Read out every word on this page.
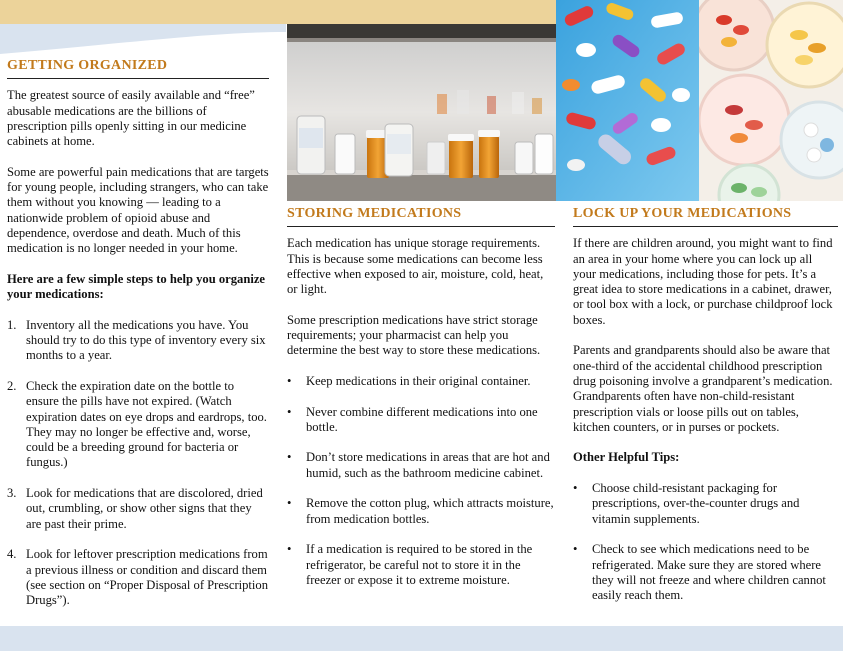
GETTING ORGANIZED

The greatest source of easily available and “free” abusable medications are the billions of prescription pills openly sitting in our medicine cabinets at home.

Some are powerful pain medications that are targets for young people, including strangers, who can take them without you knowing — leading to a nationwide problem of opioid abuse and dependence, overdose and death. Much of this medication is no longer needed in your home.

Here are a few simple steps to help you organize your medications:

1. Inventory all the medications you have. You should try to do this type of inventory every six months to a year.
2. Check the expiration date on the bottle to ensure the pills have not expired. (Watch expiration dates on eye drops and eardrops, too. They may no longer be effective and, worse, could be a breeding ground for bacteria or fungus.)
3. Look for medications that are discolored, dried out, crumbling, or show other signs that they are past their prime.
4. Look for leftover prescription medications from a previous illness or condition and discard them (see section on “Proper Disposal of Prescription Drugs”).
STORING MEDICATIONS

Each medication has unique storage requirements. This is because some medications can become less effective when exposed to air, moisture, cold, heat, or light.

Some prescription medications have strict storage requirements; your pharmacist can help you determine the best way to store these medications.

• Keep medications in their original container.
• Never combine different medications into one bottle.
• Don’t store medications in areas that are hot and humid, such as the bathroom medicine cabinet.
• Remove the cotton plug, which attracts moisture, from medication bottles.
• If a medication is required to be stored in the refrigerator, be careful not to store it in the freezer or expose it to extreme moisture.
LOCK UP YOUR MEDICATIONS

If there are children around, you might want to find an area in your home where you can lock up all your medications, including those for pets. It’s a great idea to store medications in a cabinet, drawer, or tool box with a lock, or purchase childproof lock boxes.

Parents and grandparents should also be aware that one-third of the accidental childhood prescription drug poisoning involve a grandparent’s medication. Grandparents often have non-child-resistant prescription vials or loose pills out on tables, kitchen counters, or in purses or pockets.

Other Helpful Tips:

• Choose child-resistant packaging for prescriptions, over-the-counter drugs and vitamin supplements.
• Check to see which medications need to be refrigerated. Make sure they are stored where they will not freeze and where children cannot easily reach them.
